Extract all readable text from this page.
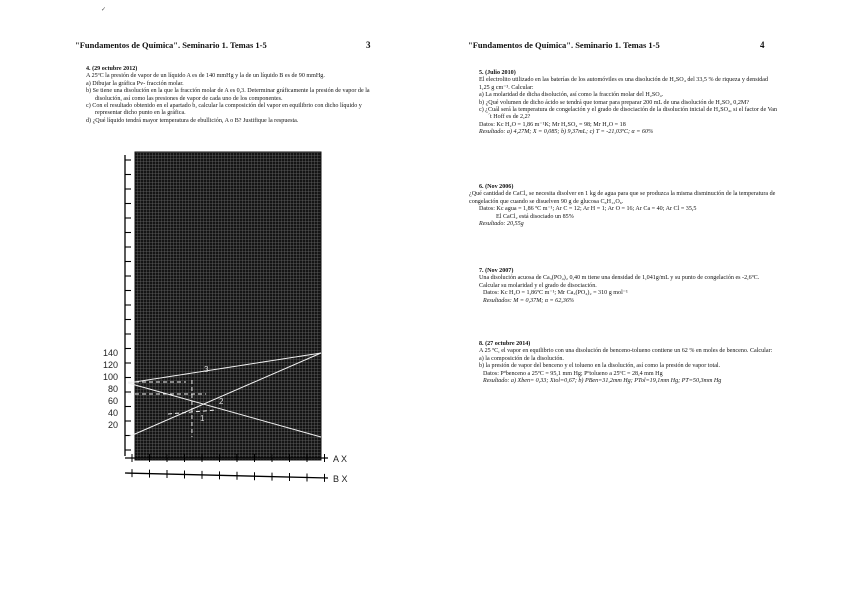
✓
"Fundamentos de Química". Seminario 1. Temas 1-5	3

4. (29 octubre 2012)

A 25ºC la presión de vapor de un líquido A es de 140 mmHg y la de un líquido B es de 90 mmHg.

a) Dibujar la gráfica Pv- fracción molar.

b) Se tiene una disolución en la que la fracción molar de A es 0,3. Determinar gráficamente la presión de vapor de la disolución, así como las presiones de vapor de cada uno de los componentes.

c) Con el resultado obtenido en el apartado b, calcular la composición del vapor en equilibrio con dicho líquido y representar dicho punto en la gráfica.

d) ¿Qué líquido tendrá mayor temperatura de ebullición, A o B? Justifique la respuesta.

140
120
100
80
60
40
20
A X
B X
3
2
1
"Fundamentos de Química". Seminario 1. Temas 1-5	4

5. (Julio 2010)

El electrolito utilizado en las baterías de los automóviles es una disolución de H₂SO₄ del 33,5 % de riqueza y densidad 1,25 g cm⁻³. Calcular:

a) La molaridad de dicha disolución, así como la fracción molar del H₂SO₄.

b) ¿Qué volumen de dicho ácido se tendrá que tomar para preparar 200 mL de una disolución de H₂SO₄ 0,2M?

c) ¿Cuál será la temperatura de congelación y el grado de disociación de la disolución inicial de H₂SO₄, si el factor de Van´t Hoff es de 2,2?

Datos: Kc H₂O = 1,86 m⁻¹K; Mr H₂SO₄ = 98; Mr H₂O = 18

Resultado: a) 4,27M; X = 0,085; b) 9,37mL; c) T = -21,03ºC; α = 60%

6. (Nov 2006)

¿Qué cantidad de CaCl₂ se necesita disolver en 1 kg de agua para que se produzca la misma disminución de la temperatura de congelación que cuando se disuelven 90 g de glucosa C₆H₁₂O₆.

Datos: Kc agua = 1,86 ºC m⁻¹; Ar C = 12; Ar H = 1; Ar O = 16; Ar Ca = 40; Ar Cl = 35,5

El CaCl₂ está disociado un 85%

Resultado: 20,55g

7. (Nov 2007)

Una disolución acuosa de Ca₃(PO₄)₂ 0,40 m tiene una densidad de 1,041g/mL y su punto de congelación es -2,6ºC. Calcular su molaridad y el grado de disociación.

Datos: Kc H₂O = 1,86ºC m⁻¹; Mr Ca₃(PO₄)₂ = 310 g mol⁻¹

Resultados: M = 0,37M; α = 62,36%

8. (27 octubre 2014)

A 25 ºC, el vapor en equilibrio con una disolución de benceno-tolueno contiene un 62 % en moles de benceno. Calcular:

a) la composición de la disolución.

b) la presión de vapor del benceno y el tolueno en la disolución, así como la presión de vapor total.

Datos: Pºbenceno a 25ºC = 95,1 mm Hg; Pºtolueno a 25ºC = 28,4 mm Hg

Resultado: a) Xben= 0,33; Xtol=0,67; b) PBen=31,2mm Hg; PTol=19,1mm Hg; PT=50,3mm Hg
